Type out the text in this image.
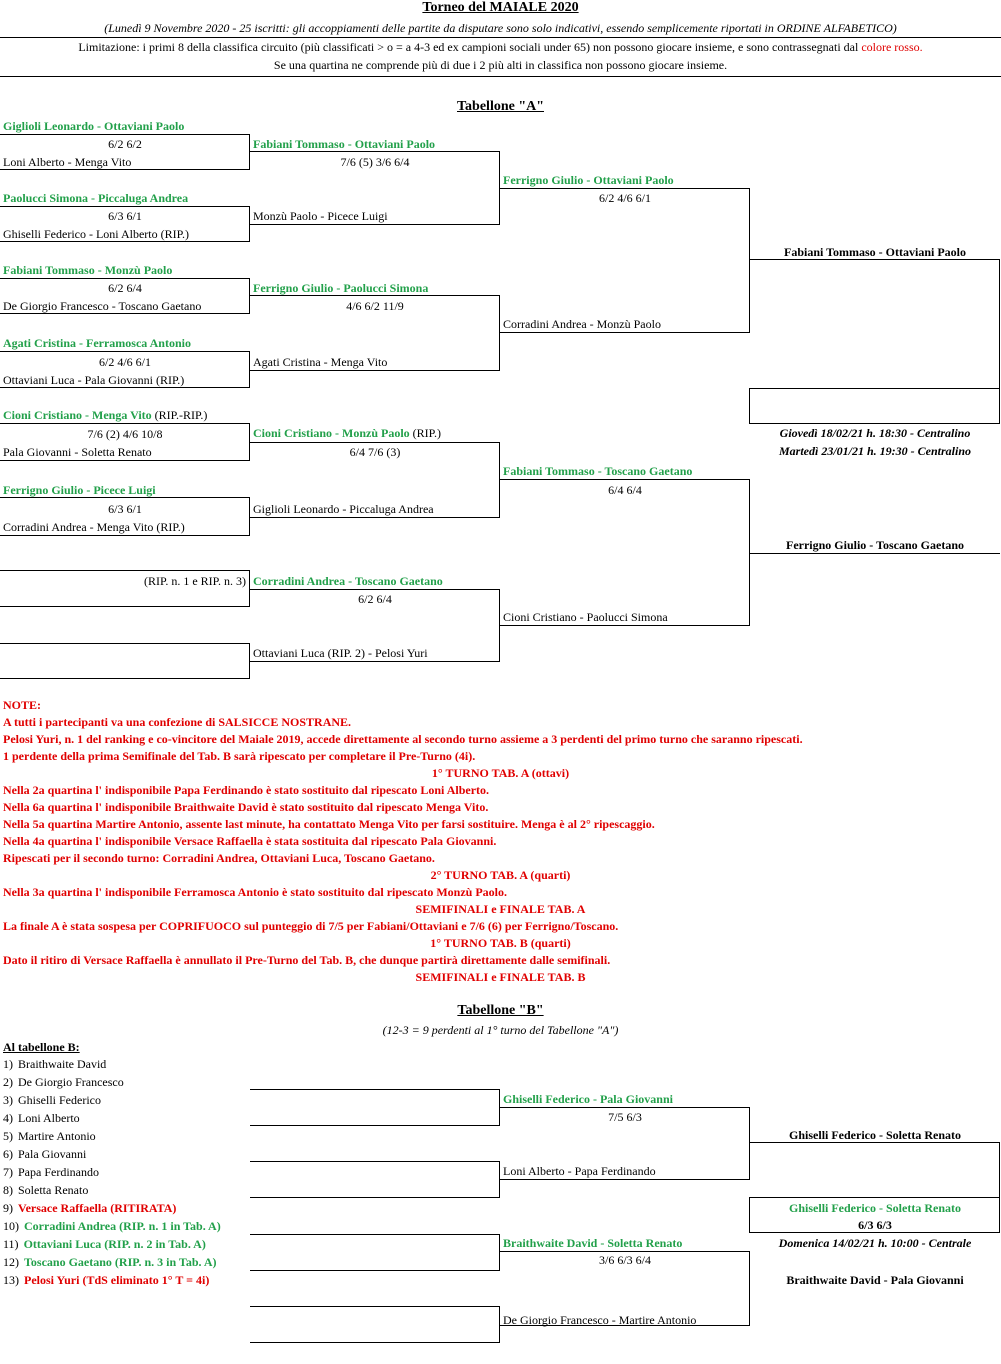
Torneo del MAIALE 2020
(Lunedì 9 Novembre 2020 - 25 iscritti: gli accoppiamenti delle partite da disputare sono solo indicativi, essendo semplicemente riportati in ORDINE ALFABETICO)
Limitazione: i primi 8 della classifica circuito (più classificati > o = a 4-3 ed ex campioni sociali under 65) non possono giocare insieme, e sono contrassegnati dal colore rosso.
Se una quartina ne comprende più di due i 2 più alti in classifica non possono giocare insieme.
Tabellone "A"
Giglioli Leonardo - Ottaviani Paolo
6/2 6/2
Loni Alberto - Menga Vito
Paolucci Simona - Piccaluga Andrea
6/3 6/1
Ghiselli Federico - Loni Alberto (RIP.)
Fabiani Tommaso - Monzù Paolo
6/2 6/4
De Giorgio Francesco - Toscano Gaetano
Agati Cristina - Ferramosca Antonio
6/2 4/6 6/1
Ottaviani Luca - Pala Giovanni (RIP.)
Cioni Cristiano - Menga Vito (RIP.-RIP.)
7/6 (2) 4/6 10/8
Pala Giovanni - Soletta Renato
Ferrigno Giulio - Picece Luigi
6/3 6/1
Corradini Andrea - Menga Vito (RIP.)
(RIP. n. 1 e RIP. n. 3)
Fabiani Tommaso - Ottaviani Paolo
7/6 (5) 3/6 6/4
Monzù Paolo - Picece Luigi
Ferrigno Giulio - Paolucci Simona
4/6 6/2 11/9
Agati Cristina - Menga Vito
Cioni Cristiano - Monzù Paolo (RIP.)
6/4 7/6 (3)
Giglioli Leonardo - Piccaluga Andrea
Corradini Andrea - Toscano Gaetano
6/2 6/4
Ottaviani Luca (RIP. 2) - Pelosi Yuri
Ferrigno Giulio - Ottaviani Paolo
6/2 4/6 6/1
Corradini Andrea - Monzù Paolo
Fabiani Tommaso - Toscano Gaetano
6/4 6/4
Cioni Cristiano - Paolucci Simona
Fabiani Tommaso - Ottaviani Paolo
Giovedì 18/02/21 h. 18:30 - Centralino
Martedì 23/01/21 h. 19:30 - Centralino
Ferrigno Giulio - Toscano Gaetano
NOTE:
A tutti i partecipanti va una confezione di SALSICCE NOSTRANE.
Pelosi Yuri, n. 1 del ranking e co-vincitore del Maiale 2019, accede direttamente al secondo turno assieme a 3 perdenti del primo turno che saranno ripescati.
1 perdente della prima Semifinale del Tab. B sarà ripescato per completare il Pre-Turno (4i).
1° TURNO TAB. A (ottavi)
Nella 2a quartina l' indisponibile Papa Ferdinando è stato sostituito dal ripescato Loni Alberto.
Nella 6a quartina l' indisponibile Braithwaite David è stato sostituito dal ripescato Menga Vito.
Nella 5a quartina Martire Antonio, assente last minute, ha contattato Menga Vito per farsi sostituire. Menga è al 2° ripescaggio.
Nella 4a quartina l' indisponibile Versace Raffaella è stata sostituita dal ripescato Pala Giovanni.
Ripescati per il secondo turno: Corradini Andrea, Ottaviani Luca, Toscano Gaetano.
2° TURNO TAB. A (quarti)
Nella 3a quartina l' indisponibile Ferramosca Antonio è stato sostituito dal ripescato Monzù Paolo.
SEMIFINALI e FINALE TAB. A
La finale A è stata sospesa per COPRIFUOCO sul punteggio di 7/5 per Fabiani/Ottaviani e 7/6 (6) per Ferrigno/Toscano.
1° TURNO TAB. B (quarti)
Dato il ritiro di Versace Raffaella è annullato il Pre-Turno del Tab. B, che dunque partirà direttamente dalle semifinali.
SEMIFINALI e FINALE TAB. B
Tabellone "B"
(12-3 = 9 perdenti al 1° turno del Tabellone "A")
Al tabellone B:
1) Braithwaite David
2) De Giorgio Francesco
3) Ghiselli Federico
4) Loni Alberto
5) Martire Antonio
6) Pala Giovanni
7) Papa Ferdinando
8) Soletta Renato
9) Versace Raffaella (RITIRATA)
10) Corradini Andrea (RIP. n. 1 in Tab. A)
11) Ottaviani Luca (RIP. n. 2 in Tab. A)
12) Toscano Gaetano (RIP. n. 3 in Tab. A)
13) Pelosi Yuri (TdS eliminato 1° T = 4i)
Ghiselli Federico - Pala Giovanni
7/5 6/3
Loni Alberto - Papa Ferdinando
Braithwaite David - Soletta Renato
3/6 6/3 6/4
De Giorgio Francesco - Martire Antonio
Ghiselli Federico - Soletta Renato
Ghiselli Federico - Soletta Renato
6/3 6/3
Domenica 14/02/21 h. 10:00 - Centrale
Braithwaite David - Pala Giovanni
